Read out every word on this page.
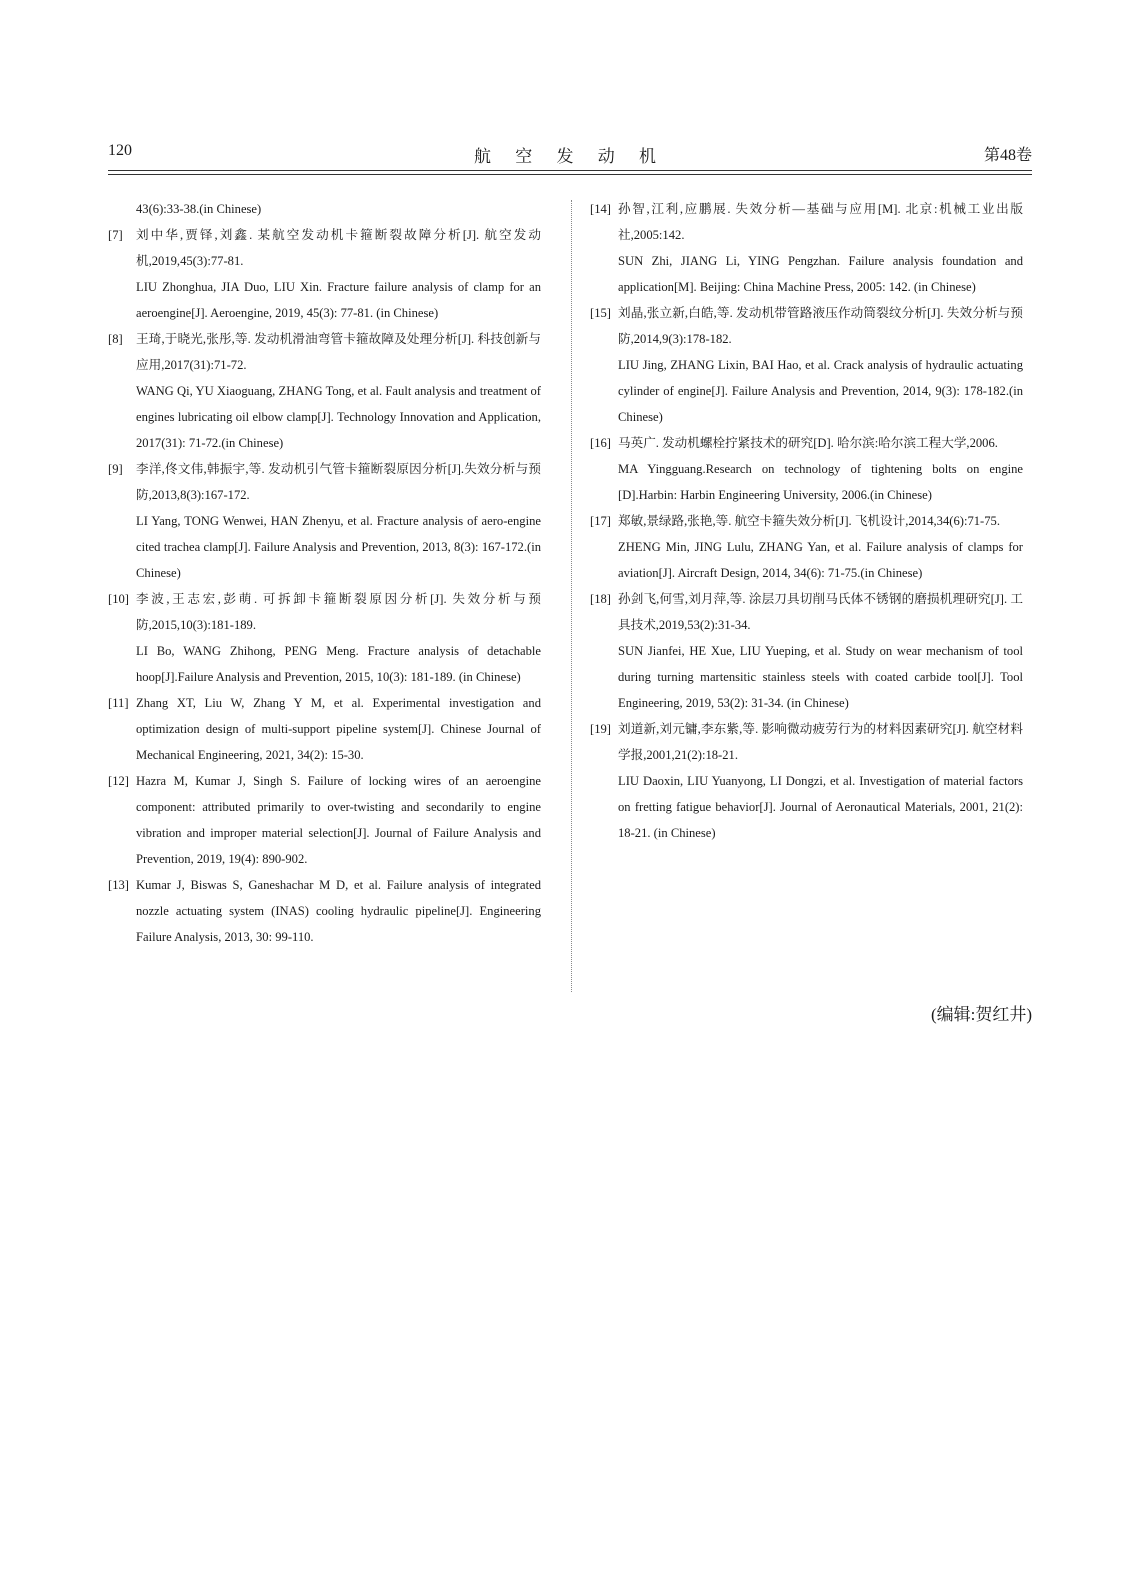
120	航 空 发 动 机	第48卷
43(6):33-38.(in Chinese)
[7] 刘中华,贾铎,刘鑫. 某航空发动机卡箍断裂故障分析[J]. 航空发动机,2019,45(3):77-81.
LIU Zhonghua, JIA Duo, LIU Xin. Fracture failure analysis of clamp for an aeroengine[J]. Aeroengine, 2019, 45(3): 77-81. (in Chinese)
[8] 王琦,于晓光,张彤,等. 发动机滑油弯管卡箍故障及处理分析[J]. 科技创新与应用,2017(31):71-72.
WANG Qi, YU Xiaoguang, ZHANG Tong, et al. Fault analysis and treatment of engines lubricating oil elbow clamp[J]. Technology Innovation and Application, 2017(31): 71-72.(in Chinese)
[9] 李洋,佟文伟,韩振宇,等. 发动机引气管卡箍断裂原因分析[J].失效分析与预防,2013,8(3):167-172.
LI Yang, TONG Wenwei, HAN Zhenyu, et al. Fracture analysis of aero-engine cited trachea clamp[J]. Failure Analysis and Prevention, 2013, 8(3): 167-172.(in Chinese)
[10] 李波,王志宏,彭萌. 可拆卸卡箍断裂原因分析[J]. 失效分析与预防,2015,10(3):181-189.
LI Bo, WANG Zhihong, PENG Meng. Fracture analysis of detachable hoop[J].Failure Analysis and Prevention, 2015, 10(3): 181-189. (in Chinese)
[11] Zhang XT, Liu W, Zhang Y M, et al. Experimental investigation and optimization design of multi-support pipeline system[J]. Chinese Journal of Mechanical Engineering, 2021, 34(2): 15-30.
[12] Hazra M, Kumar J, Singh S. Failure of locking wires of an aeroengine component: attributed primarily to over-twisting and secondarily to engine vibration and improper material selection[J]. Journal of Failure Analysis and Prevention, 2019, 19(4): 890-902.
[13] Kumar J, Biswas S, Ganeshachar M D, et al. Failure analysis of integrated nozzle actuating system (INAS) cooling hydraulic pipeline[J]. Engineering Failure Analysis, 2013, 30: 99-110.
[14] 孙智,江利,应鹏展. 失效分析—基础与应用[M]. 北京:机械工业出版社,2005:142.
SUN Zhi, JIANG Li, YING Pengzhan. Failure analysis foundation and application[M]. Beijing: China Machine Press, 2005: 142. (in Chinese)
[15] 刘晶,张立新,白皓,等. 发动机带管路液压作动筒裂纹分析[J]. 失效分析与预防,2014,9(3):178-182.
LIU Jing, ZHANG Lixin, BAI Hao, et al. Crack analysis of hydraulic actuating cylinder of engine[J]. Failure Analysis and Prevention, 2014, 9(3): 178-182.(in Chinese)
[16] 马英广. 发动机螺栓拧紧技术的研究[D]. 哈尔滨:哈尔滨工程大学,2006.
MA Yingguang.Research on technology of tightening bolts on engine [D].Harbin: Harbin Engineering University, 2006.(in Chinese)
[17] 郑敏,景绿路,张艳,等. 航空卡箍失效分析[J]. 飞机设计,2014,34(6):71-75.
ZHENG Min, JING Lulu, ZHANG Yan, et al. Failure analysis of clamps for aviation[J]. Aircraft Design, 2014, 34(6): 71-75.(in Chinese)
[18] 孙剑飞,何雪,刘月萍,等. 涂层刀具切削马氏体不锈钢的磨损机理研究[J]. 工具技术,2019,53(2):31-34.
SUN Jianfei, HE Xue, LIU Yueping, et al. Study on wear mechanism of tool during turning martensitic stainless steels with coated carbide tool[J]. Tool Engineering, 2019, 53(2): 31-34. (in Chinese)
[19] 刘道新,刘元镛,李东紫,等. 影响微动疲劳行为的材料因素研究[J]. 航空材料学报,2001,21(2):18-21.
LIU Daoxin, LIU Yuanyong, LI Dongzi, et al. Investigation of material factors on fretting fatigue behavior[J]. Journal of Aeronautical Materials, 2001, 21(2): 18-21. (in Chinese)
(编辑:贺红井)
